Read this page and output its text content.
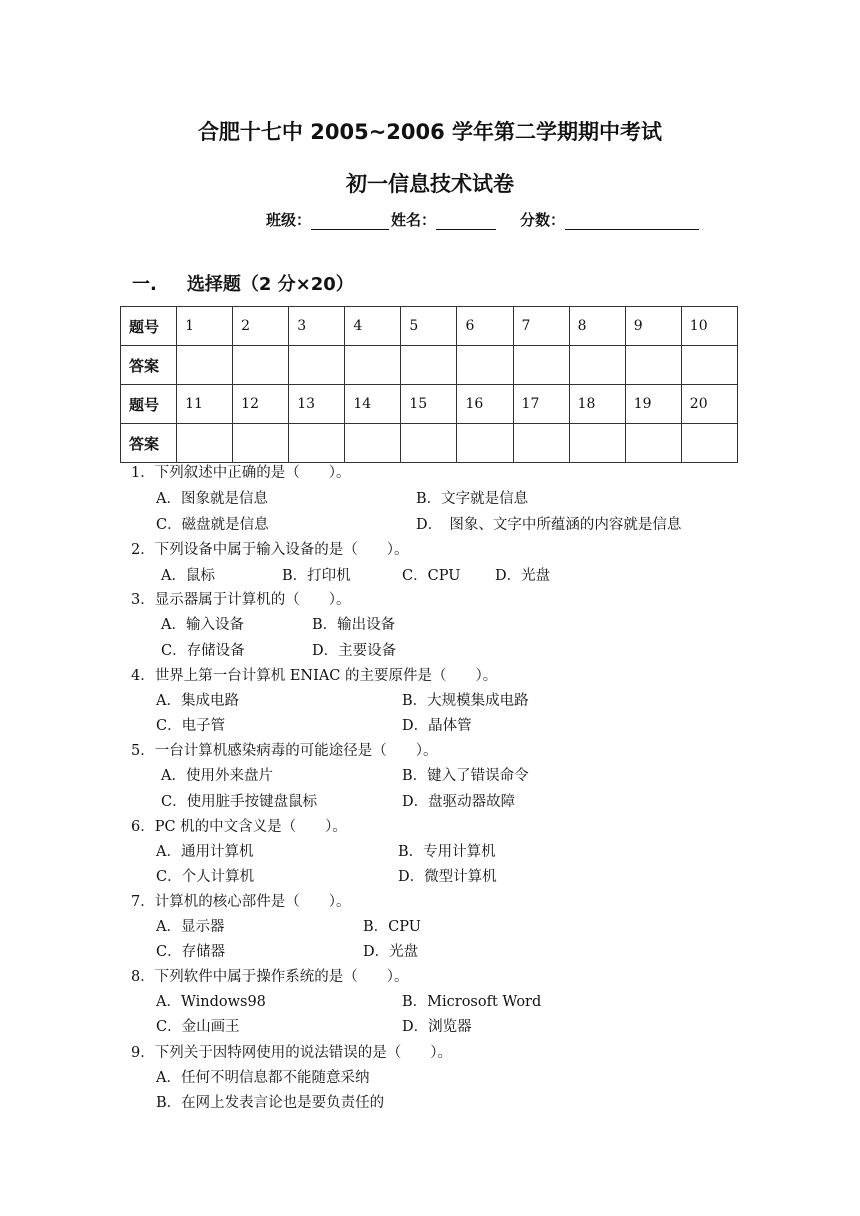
合肥十七中 2005~2006 学年第二学期期中考试
初一信息技术试卷
班级：	姓名：	分数：
一. 选择题（2 分×20）
题号	1	2	3	4	5	6	7	8	9	10
答案										
题号	11	12	13	14	15	16	17	18	19	20
答案										
1．下列叙述中正确的是（　　）。
A．图象就是信息	B．文字就是信息
C．磁盘就是信息	D．　图象、文字中所蕴涵的内容就是信息
2．下列设备中属于输入设备的是（　　）。
A．鼠标	B．打印机	C．CPU D．光盘
3．显示器属于计算机的（　　）。
A．输入设备	B．输出设备
C．存储设备	D．主要设备
4．世界上第一台计算机 ENIAC 的主要原件是（　　）。
A．集成电路	B．大规模集成电路
C．电子管	D．晶体管
5．一台计算机感染病毒的可能途径是（　　）。
A．使用外来盘片	B．键入了错误命令
C．使用脏手按键盘鼠标	D．盘驱动器故障
6．PC 机的中文含义是（　　）。
A．通用计算机	B．专用计算机
C．个人计算机	D．微型计算机
7．计算机的核心部件是（　　）。
A．显示器	B．CPU
C．存储器	D．光盘
8．下列软件中属于操作系统的是（　　）。
A．Windows98	B．Microsoft Word
C．金山画王	D．浏览器
9．下列关于因特网使用的说法错误的是（　　）。
A．任何不明信息都不能随意采纳
B．在网上发表言论也是要负责任的
